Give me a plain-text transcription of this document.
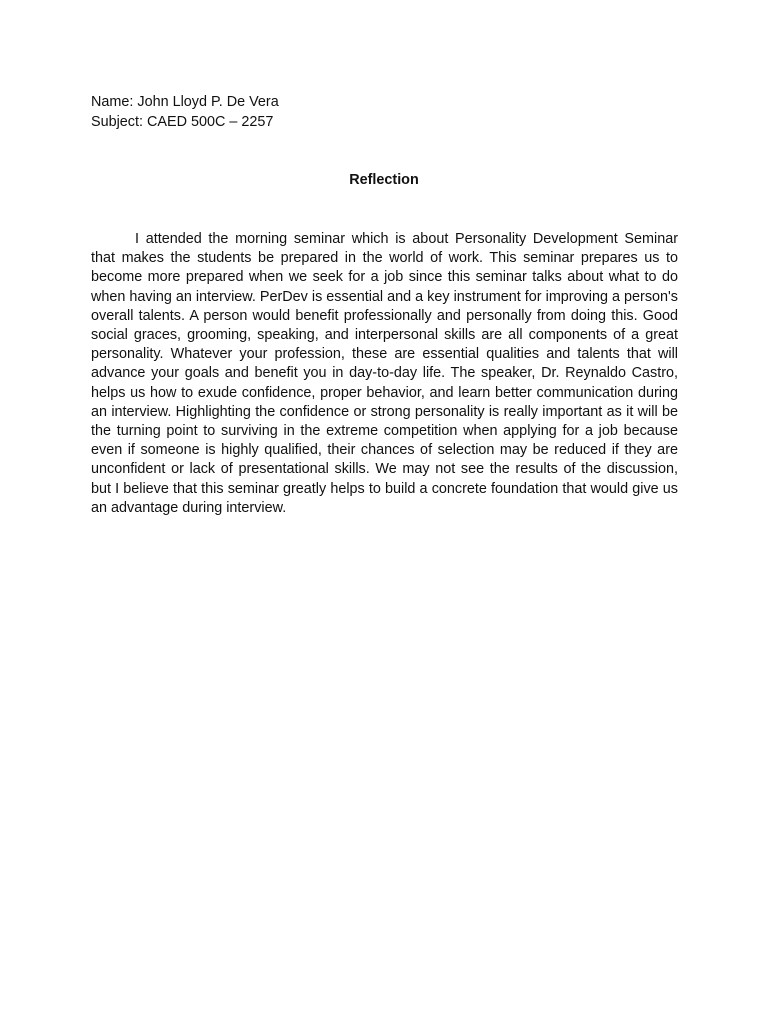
Name: John Lloyd P. De Vera
Subject: CAED 500C – 2257
Reflection

I attended the morning seminar which is about Personality Development Seminar that makes the students be prepared in the world of work. This seminar prepares us to become more prepared when we seek for a job since this seminar talks about what to do when having an interview. PerDev is essential and a key instrument for improving a person's overall talents. A person would benefit professionally and personally from doing this. Good social graces, grooming, speaking, and interpersonal skills are all components of a great personality. Whatever your profession, these are essential qualities and talents that will advance your goals and benefit you in day-to-day life. The speaker, Dr. Reynaldo Castro, helps us how to exude confidence, proper behavior, and learn better communication during an interview. Highlighting the confidence or strong personality is really important as it will be the turning point to surviving in the extreme competition when applying for a job because even if someone is highly qualified, their chances of selection may be reduced if they are unconfident or lack of presentational skills. We may not see the results of the discussion, but I believe that this seminar greatly helps to build a concrete foundation that would give us an advantage during interview.
